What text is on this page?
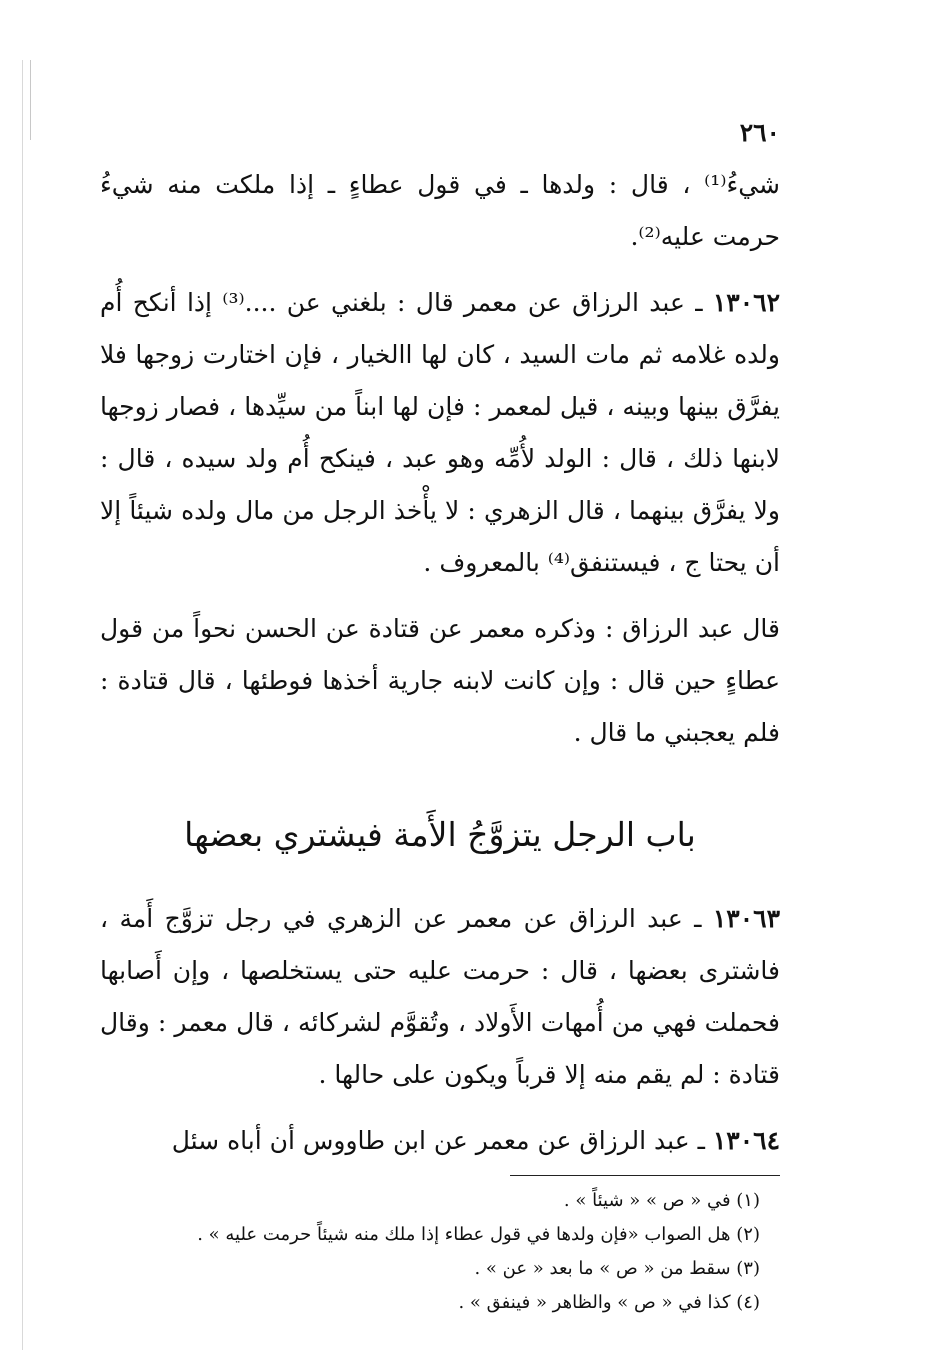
٢٦٠

شيءُ⁽¹⁾ ، قال : ولدها ـ في قول عطاءٍ ـ إذا ملكت منه شيءُ حرمت عليه⁽²⁾.

١٣٠٦٢ ـ عبد الرزاق عن معمر قال : بلغني عن ....⁽³⁾ إذا أنكح أُم ولده غلامه ثم مات السيد ، كان لها االخيار ، فإن اختارت زوجها فلا يفرَّق بينها وبينه ، قيل لمعمر : فإن لها ابناً من سيِّدها ، فصار زوجها لابنها ذلك ، قال : الولد لأُمِّه وهو عبد ، فينكح أُم ولد سيده ، قال : ولا يفرَّق بينهما ، قال الزهري : لا يأْخذ الرجل من مال ولده شيئاً إلا أن يحتا ج ، فيستنفق⁽⁴⁾ بالمعروف .

قال عبد الرزاق : وذكره معمر عن قتادة عن الحسن نحواً من قول عطاءٍ حين قال : وإن كانت لابنه جارية أخذها فوطئها ، قال قتادة : فلم يعجبني ما قال .

باب الرجل يتزوَّجُ الأَمة فيشتري بعضها

١٣٠٦٣ ـ عبد الرزاق عن معمر عن الزهري في رجل تزوَّج أَمة ، فاشترى بعضها ، قال : حرمت عليه حتى يستخلصها ، وإن أَصابها فحملت فهي من أُمهات الأَولاد ، وتُقوَّم لشركائه ، قال معمر : وقال قتادة : لم يقم منه إلا قرباً ويكون على حالها .

١٣٠٦٤ ـ عبد الرزاق عن معمر عن ابن طاووس أن أباه سئل

(١) في « ص » « شيئاً » .

(٢) هل الصواب «فإن ولدها في قول عطاء إذا ملك منه شيئاً حرمت عليه » .

(٣) سقط من « ص » ما بعد « عن » .

(٤) كذا في « ص » والظاهر « فينفق » .
